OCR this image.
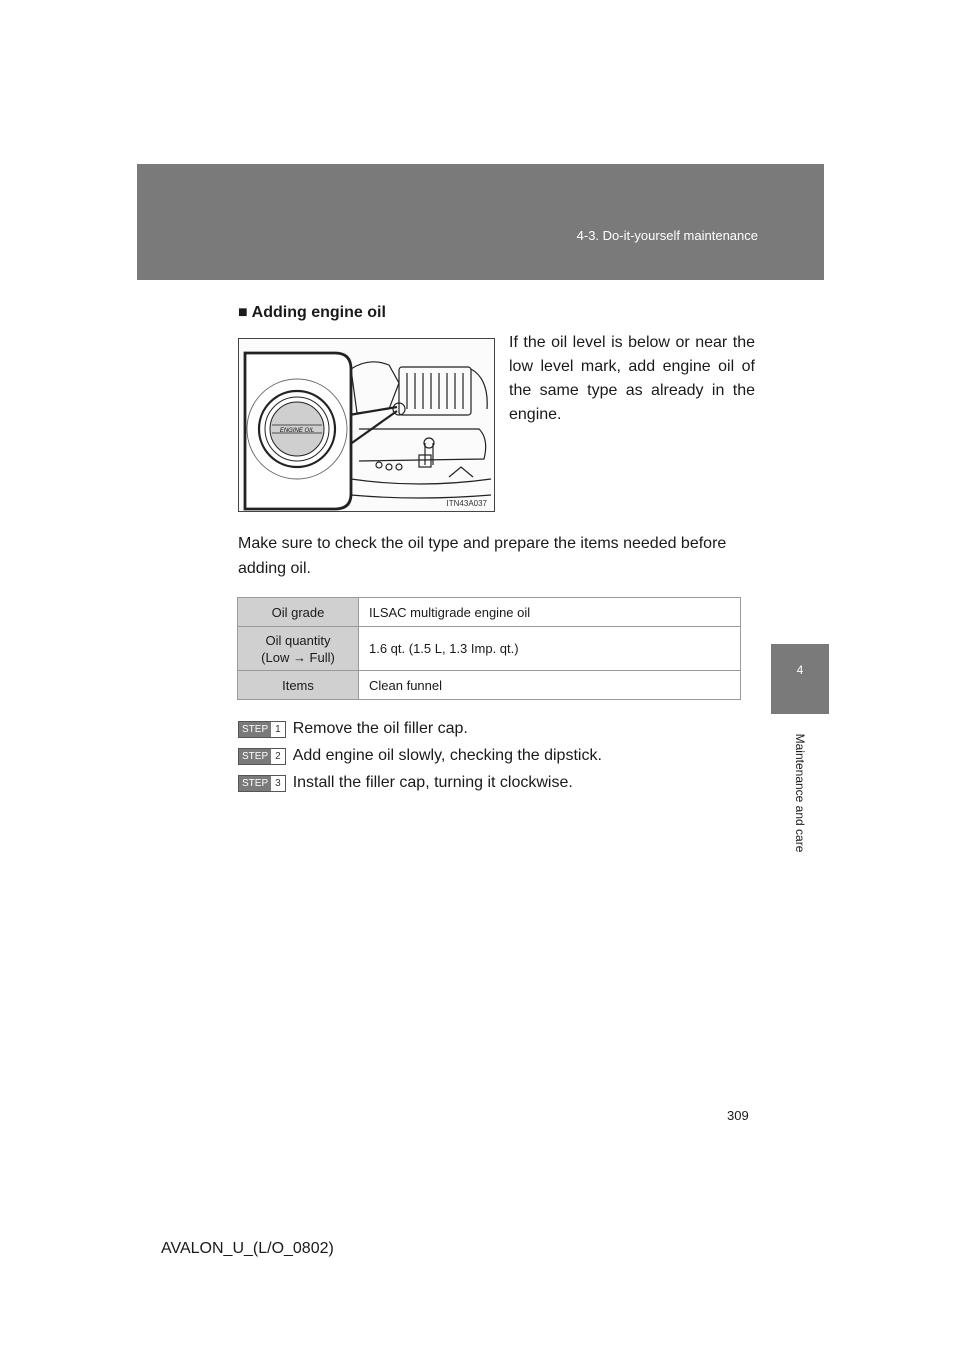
4-3. Do-it-yourself maintenance
4
Maintenance and care
■ Adding engine oil
ENGINE OIL
ITN43A037
If the oil level is below or near the low level mark, add engine oil of the same type as already in the engine.
Make sure to check the oil type and prepare the items needed before adding oil.
Oil grade	ILSAC multigrade engine oil

Oil quantity
(Low → Full)	1.6 qt. (1.5 L, 1.3 Imp. qt.)
Items	Clean funnel
STEP 1 Remove the oil filler cap.
STEP 2 Add engine oil slowly, checking the dipstick.
STEP 3 Install the filler cap, turning it clockwise.
309
AVALON_U_(L/O_0802)
